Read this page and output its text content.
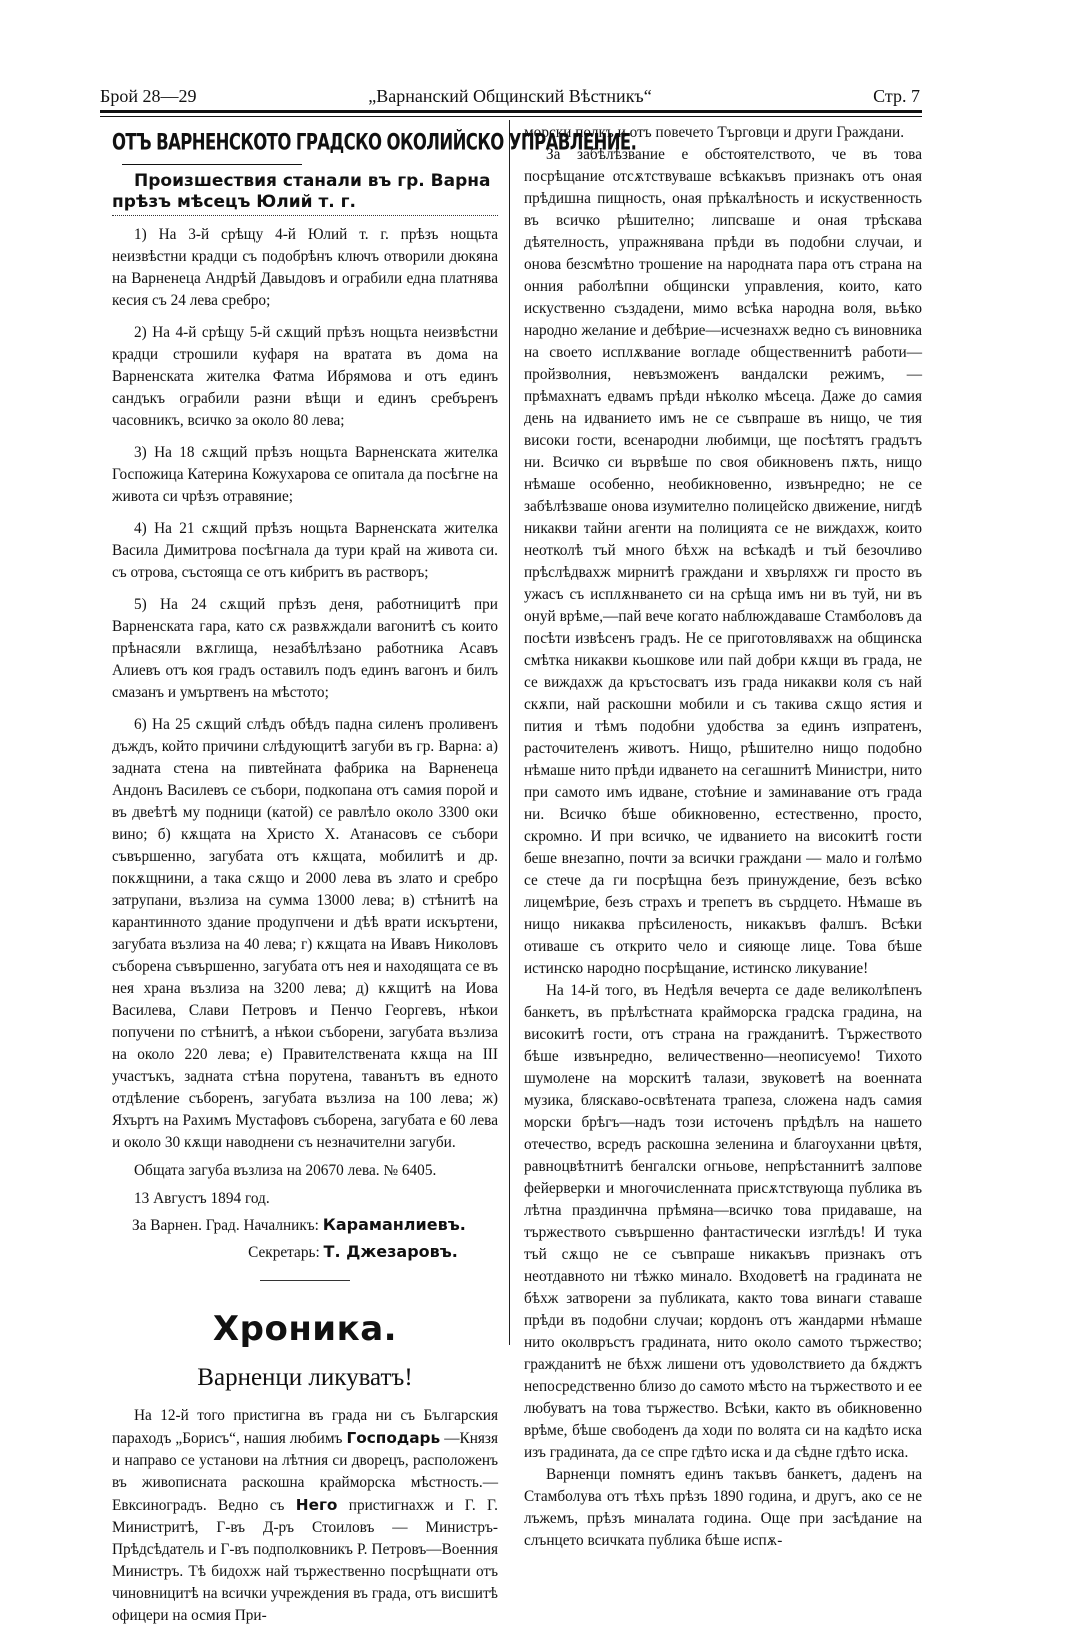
„Варнанский Общинский Вѣстникъ“
Брой 28—29	Стр. 7
ОТЪ ВАРНЕНСКОТО ГРАДСКО ОКОЛИЙСКО УПРАВЛЕНИЕ.

Произшествия станали въ гр. Варна прѣзъ мѣсецъ Юлий т. г.

1) На 3-й срѣщу 4-й Юлий т. г. прѣзъ нощьта неизвѣстни крадци съ подобрѣнъ ключъ отворили дюкяна на Варненеца Андрѣй Давыдовъ и ограбили една платнява кесия съ 24 лева сребро;

2) На 4-й срѣщу 5-й сѫщий прѣзъ нощьта неизвѣстни крадци строшили куфаря на вратата въ дома на Варненската жителка Фатма Ибрямова и отъ единъ сандъкъ ограбили разни вѣщи и единъ сребъренъ часовникъ, всичко за около 80 лева;

3) На 18 сѫщий прѣзъ нощьта Варненската жителка Госпожица Катерина Кожухарова се опитала да посѣгне на живота си чрѣзъ отравяние;

4) На 21 сѫщий прѣзъ нощьта Варненската жителка Васила Димитрова посѣгнала да тури край на живота си. съ отрова, състояща се отъ кибритъ въ растворъ;

5) На 24 сѫщий прѣзъ деня, работницитѣ при Варненската гара, като сѫ развѫждали вагонитѣ съ които прѣнасяли вѫглища, незабѣлѣзано работника Асавъ Алиевъ отъ коя градъ оставилъ подъ единъ вагонъ и билъ смазанъ и умъртвенъ на мѣстото;

6) На 25 сѫщий слѣдъ обѣдъ падна силенъ проливенъ дъждъ, който причини слѣдующитѣ загуби въ гр. Варна: а) задната стена на пивтейната фабрика на Варненеца Андонъ Василевъ се събори, подкопана отъ самия порой и въ двеѣтѣ му подници (катой) се равлѣло около 3300 оки вино; б) кѫщата на Христо Х. Атанасовъ се събори съвършенно, загубата отъ кѫщата, мобилитѣ и др. покѫщнини, а така сѫщо и 2000 лева въ злато и сребро затрупани, възлиза на сумма 13000 лева; в) стѣнитѣ на карантинното здание продупчени и дѣѣ врати искъртени, загубата възлиза на 40 лева; г) кѫщата на Ивавъ Николовъ съборена съвършенно, загубата отъ нея и находящата се въ нея храна възлиза на 3200 лева; д) кѫщитѣ на Иова Василева, Слави Петровъ и Пенчо Георгевъ, нѣкои попучени по стѣнитѣ, а нѣкои съборени, загубата възлиза на около 220 лева; е) Правителствената кѫща на III участъкъ, задната стѣна порутена, таванътъ въ едното отдѣление съборенъ, загубата възлиза на 100 лева; ж) Яхъртъ на Рахимъ Мустафовъ съборена, загубата е 60 лева и около 30 кѫщи наводнени съ незначителни загуби.

Общата загуба възлиза на 20670 лева. № 6405.

13 Августъ 1894 год.

За Варнен. Град. Началникъ: Караманлиевъ.
Секретарь: Т. Джезаровъ.
Хроника.
Варненци ликуватъ!

На 12-й того пристигна въ града ни съ Българския параходъ „Борисъ“, нашия любимъ Господарь —Князя и направо се установи на лѣтния си дворецъ, расположенъ въ живописната раскошна крайморска мѣстность.—Евксиноградъ. Ведно съ Него пристигнахж и Г. Г. Министритѣ, Г-въ Д-ръ Стоиловъ — Министръ-Прѣдсѣдатель и Г-въ подполковникъ Р. Петровъ—Военния Министръ. Тѣ бидохж най тържественно посрѣщнати отъ чиновницитѣ на всички учреждения въ града, отъ висшитѣ офицери на осмия При-

морски полкъ и отъ повечето Търговци и други Граждани.

За забѣлѣзвание е обстоятелството, че въ това посрѣщание отсѫтствуваше всѣкакъвъ признакъ отъ оная прѣдишна пищность, оная прѣкалѣность и искуственность въ всичко рѣшително; липсваше и оная трѣскава дѣятелность, упражнявана прѣди въ подобни случаи, и онова безсмѣтно трошение на народната пара отъ страна на онния раболѣпни общински управления, които, като искуственно създадени, мимо всѣка народна воля, вьѣко народно желание и дебѣрие—исчезнахж ведно съ виновника на своето исплѫвание вогладе общественнитѣ работи—пройзволния, невъзможенъ вандалски режимъ, — прѣмахнатъ едвамъ прѣди нѣколко мѣсеца. Даже до самия день на идванието имъ не се съвпраше въ нищо, че тия високи гости, всенародни любимци, ще посѣтятъ градътъ ни. Всичко си вървѣше по своя обикновенъ пѫть, нищо нѣмаше особенно, необикновенно, извънредно; не се забѣлѣзваше онова изумително полицейско движение, нигдѣ никакви тайни агенти на полицията се не виждахж, които неотколѣ тъй много бѣхж на всѣкадѣ и тъй безочливо прѣслѣдвахж мирнитѣ граждани и хвърляхж ги просто въ ужасъ съ исплѫнването си на срѣща имъ ни въ туй, ни въ онуй врѣме,—пай вече когато наблюждаваше Стамболовъ да посѣти извѣсенъ градъ. Не се приготовлявахж на общинска смѣтка никакви кьошкове или пай добри кѫщи въ града, не се виждахж да кръстосватъ изъ града никакви коля съ най скѫпи, най раскошни мобили и съ такива сѫщо ястия и пития и тѣмъ подобни удобства за единъ изпратенъ, расточителенъ животъ. Нищо, рѣшително нищо подобно нѣмаше нито прѣди идването на сегашнитѣ Министри, нито при самото имъ идване, стоѣние и заминавание отъ града ни. Всичко бѣше обикновенно, естественно, просто, скромно. И при всичко, че идванието на високитѣ гости беше внезапно, почти за всички граждани — мало и голѣмо се стече да ги посрѣщна безъ принуждение, безъ всѣко лицемѣрие, безъ страхъ и трепетъ въ сърдцето. Нѣмаше въ нищо никаква прѣсиленость, никакъвъ фалшъ. Всѣки отиваше съ открито чело и сияюще лице. Това бѣше истинско народно посрѣщание, истинско ликувание!

На 14-й того, въ Недѣля вечерта се даде великолѣпенъ банкетъ, въ прѣлѣстната крайморска градска градина, на високитѣ гости, отъ страна на гражданитѣ. Тържеството бѣше извънредно, величественно—неописуемо! Тихото шумолене на морскитѣ талази, звуковетѣ на военната музика, бляскаво-освѣтената трапеза, сложена надъ самия морски брѣгъ—надъ този источенъ прѣдѣлъ на нашето отечество, всредъ раскошна зеленина и благоуханни цвѣтя, равноцвѣтнитѣ бенгалски огньове, непрѣстаннитѣ залпове фейерверки и многочисленната присѫтствующа публика въ лѣтна праздинчна прѣмяна—всичко това придаваше, на тържеството съвършенно фантастически изглѣдъ! И тука тъй сѫщо не се съвпраше никакъвъ признакъ отъ неотдавното ни тѣжко минало. Входоветѣ на градината не бѣхж затворени за публиката, както това винаги ставаше прѣди въ подобни случаи; кордонъ отъ жандарми нѣмаше нито околвръстъ градината, нито около самото тържество; гражданитѣ не бѣхж лишени отъ удоволствието да бѫджтъ непосредственно близо до самото мѣсто на тържеството и ее любуватъ на това тържество. Всѣки, както въ обикновенно врѣме, бѣше свободенъ да ходи по волята си на кадѣто иска изъ градината, да се спре гдѣто иска и да сѣдне гдѣто иска.

Варненци помнятъ единъ такъвъ банкетъ, даденъ на Стамболува отъ тѣхъ прѣзъ 1890 година, и другъ, ако се не лъжемъ, прѣзъ миналата година. Още при засѣдание на слънцето всичката публика бѣше испѫ-
